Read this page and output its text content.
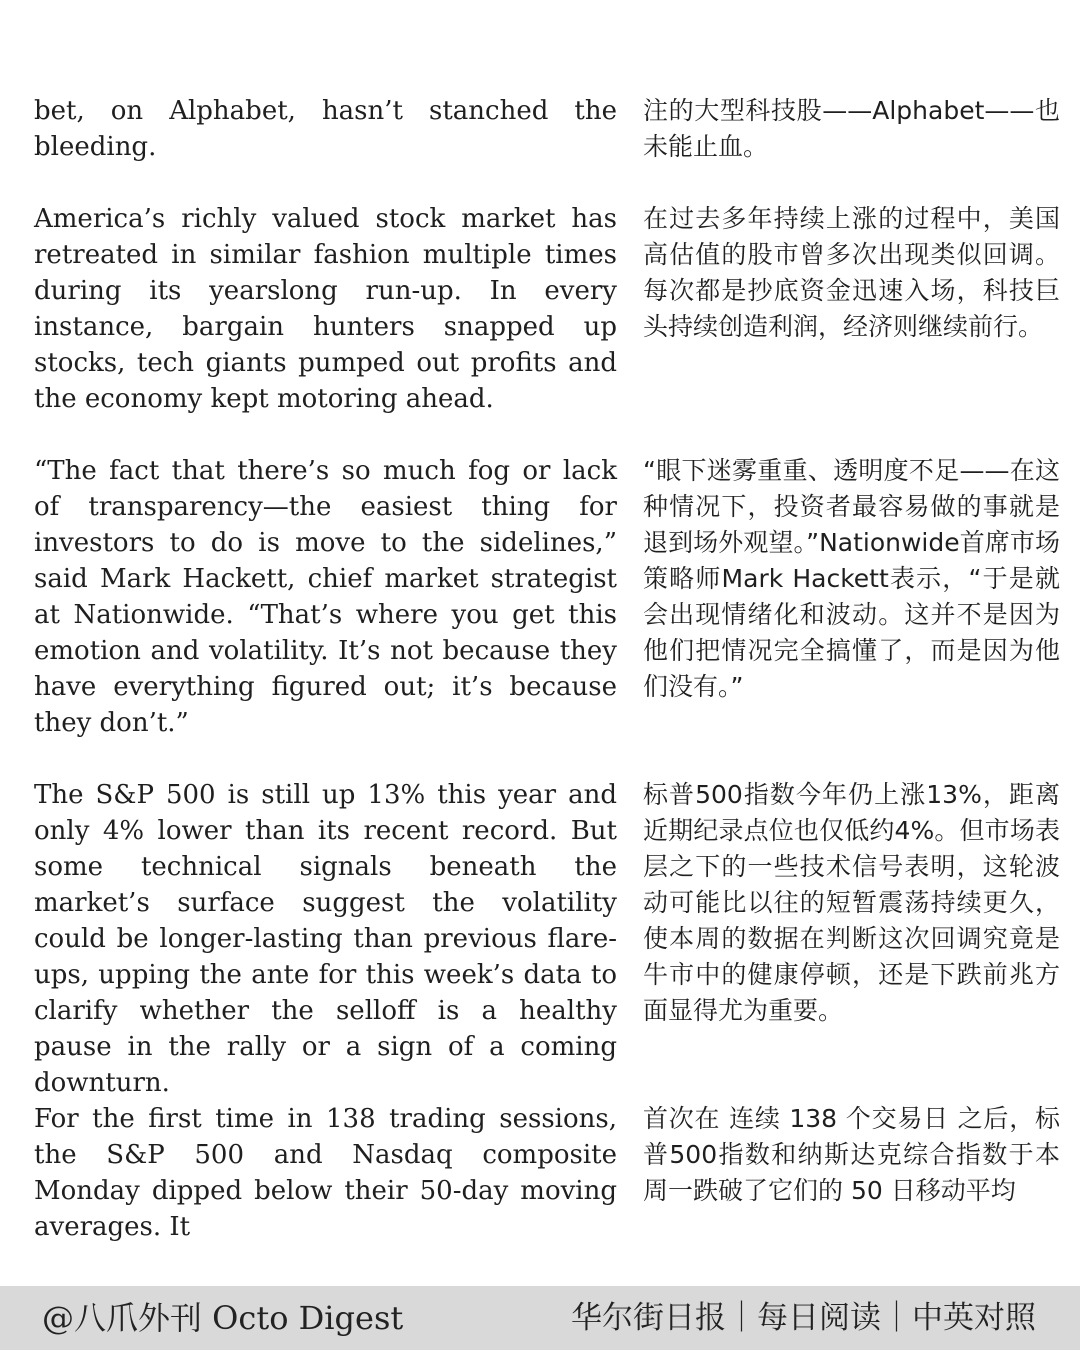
bet, on Alphabet, hasn’t stanched the bleeding.

注的大型科技股——Alphabet——也未能止血。

America’s richly valued stock market has retreated in similar fashion multiple times during its yearslong run-up. In every instance, bargain hunters snapped up stocks, tech giants pumped out profits and the economy kept motoring ahead.

在过去多年持续上涨的过程中，美国高估值的股市曾多次出现类似回调。每次都是抄底资金迅速入场，科技巨头持续创造利润，经济则继续前行。

“The fact that there’s so much fog or lack of transparency—the easiest thing for investors to do is move to the sidelines,” said Mark Hackett, chief market strategist at Nationwide. “That’s where you get this emotion and volatility. It’s not because they have everything figured out; it’s because they don’t.”

“眼下迷雾重重、透明度不足——在这种情况下，投资者最容易做的事就是退到场外观望。”Nationwide首席市场策略师Mark Hackett表示，“于是就会出现情绪化和波动。这并不是因为他们把情况完全搞懂了，而是因为他们没有。”

The S&P 500 is still up 13% this year and only 4% lower than its recent record. But some technical signals beneath the market’s surface suggest the volatility could be longer-lasting than previous flare-ups, upping the ante for this week’s data to clarify whether the selloff is a healthy pause in the rally or a sign of a coming downturn.

标普500指数今年仍上涨13%，距离近期纪录点位也仅低约4%。但市场表层之下的一些技术信号表明，这轮波动可能比以往的短暂震荡持续更久，使本周的数据在判断这次回调究竟是牛市中的健康停顿，还是下跌前兆方面显得尤为重要。

For the first time in 138 trading sessions, the S&P 500 and Nasdaq composite Monday dipped below their 50-day moving averages. It

首次在 连续 138 个交易日 之后，标普500指数和纳斯达克综合指数于本周一跌破了它们的 50 日移动平均

@八爪外刊 Octo Digest	华尔街日报｜每日阅读｜中英对照
